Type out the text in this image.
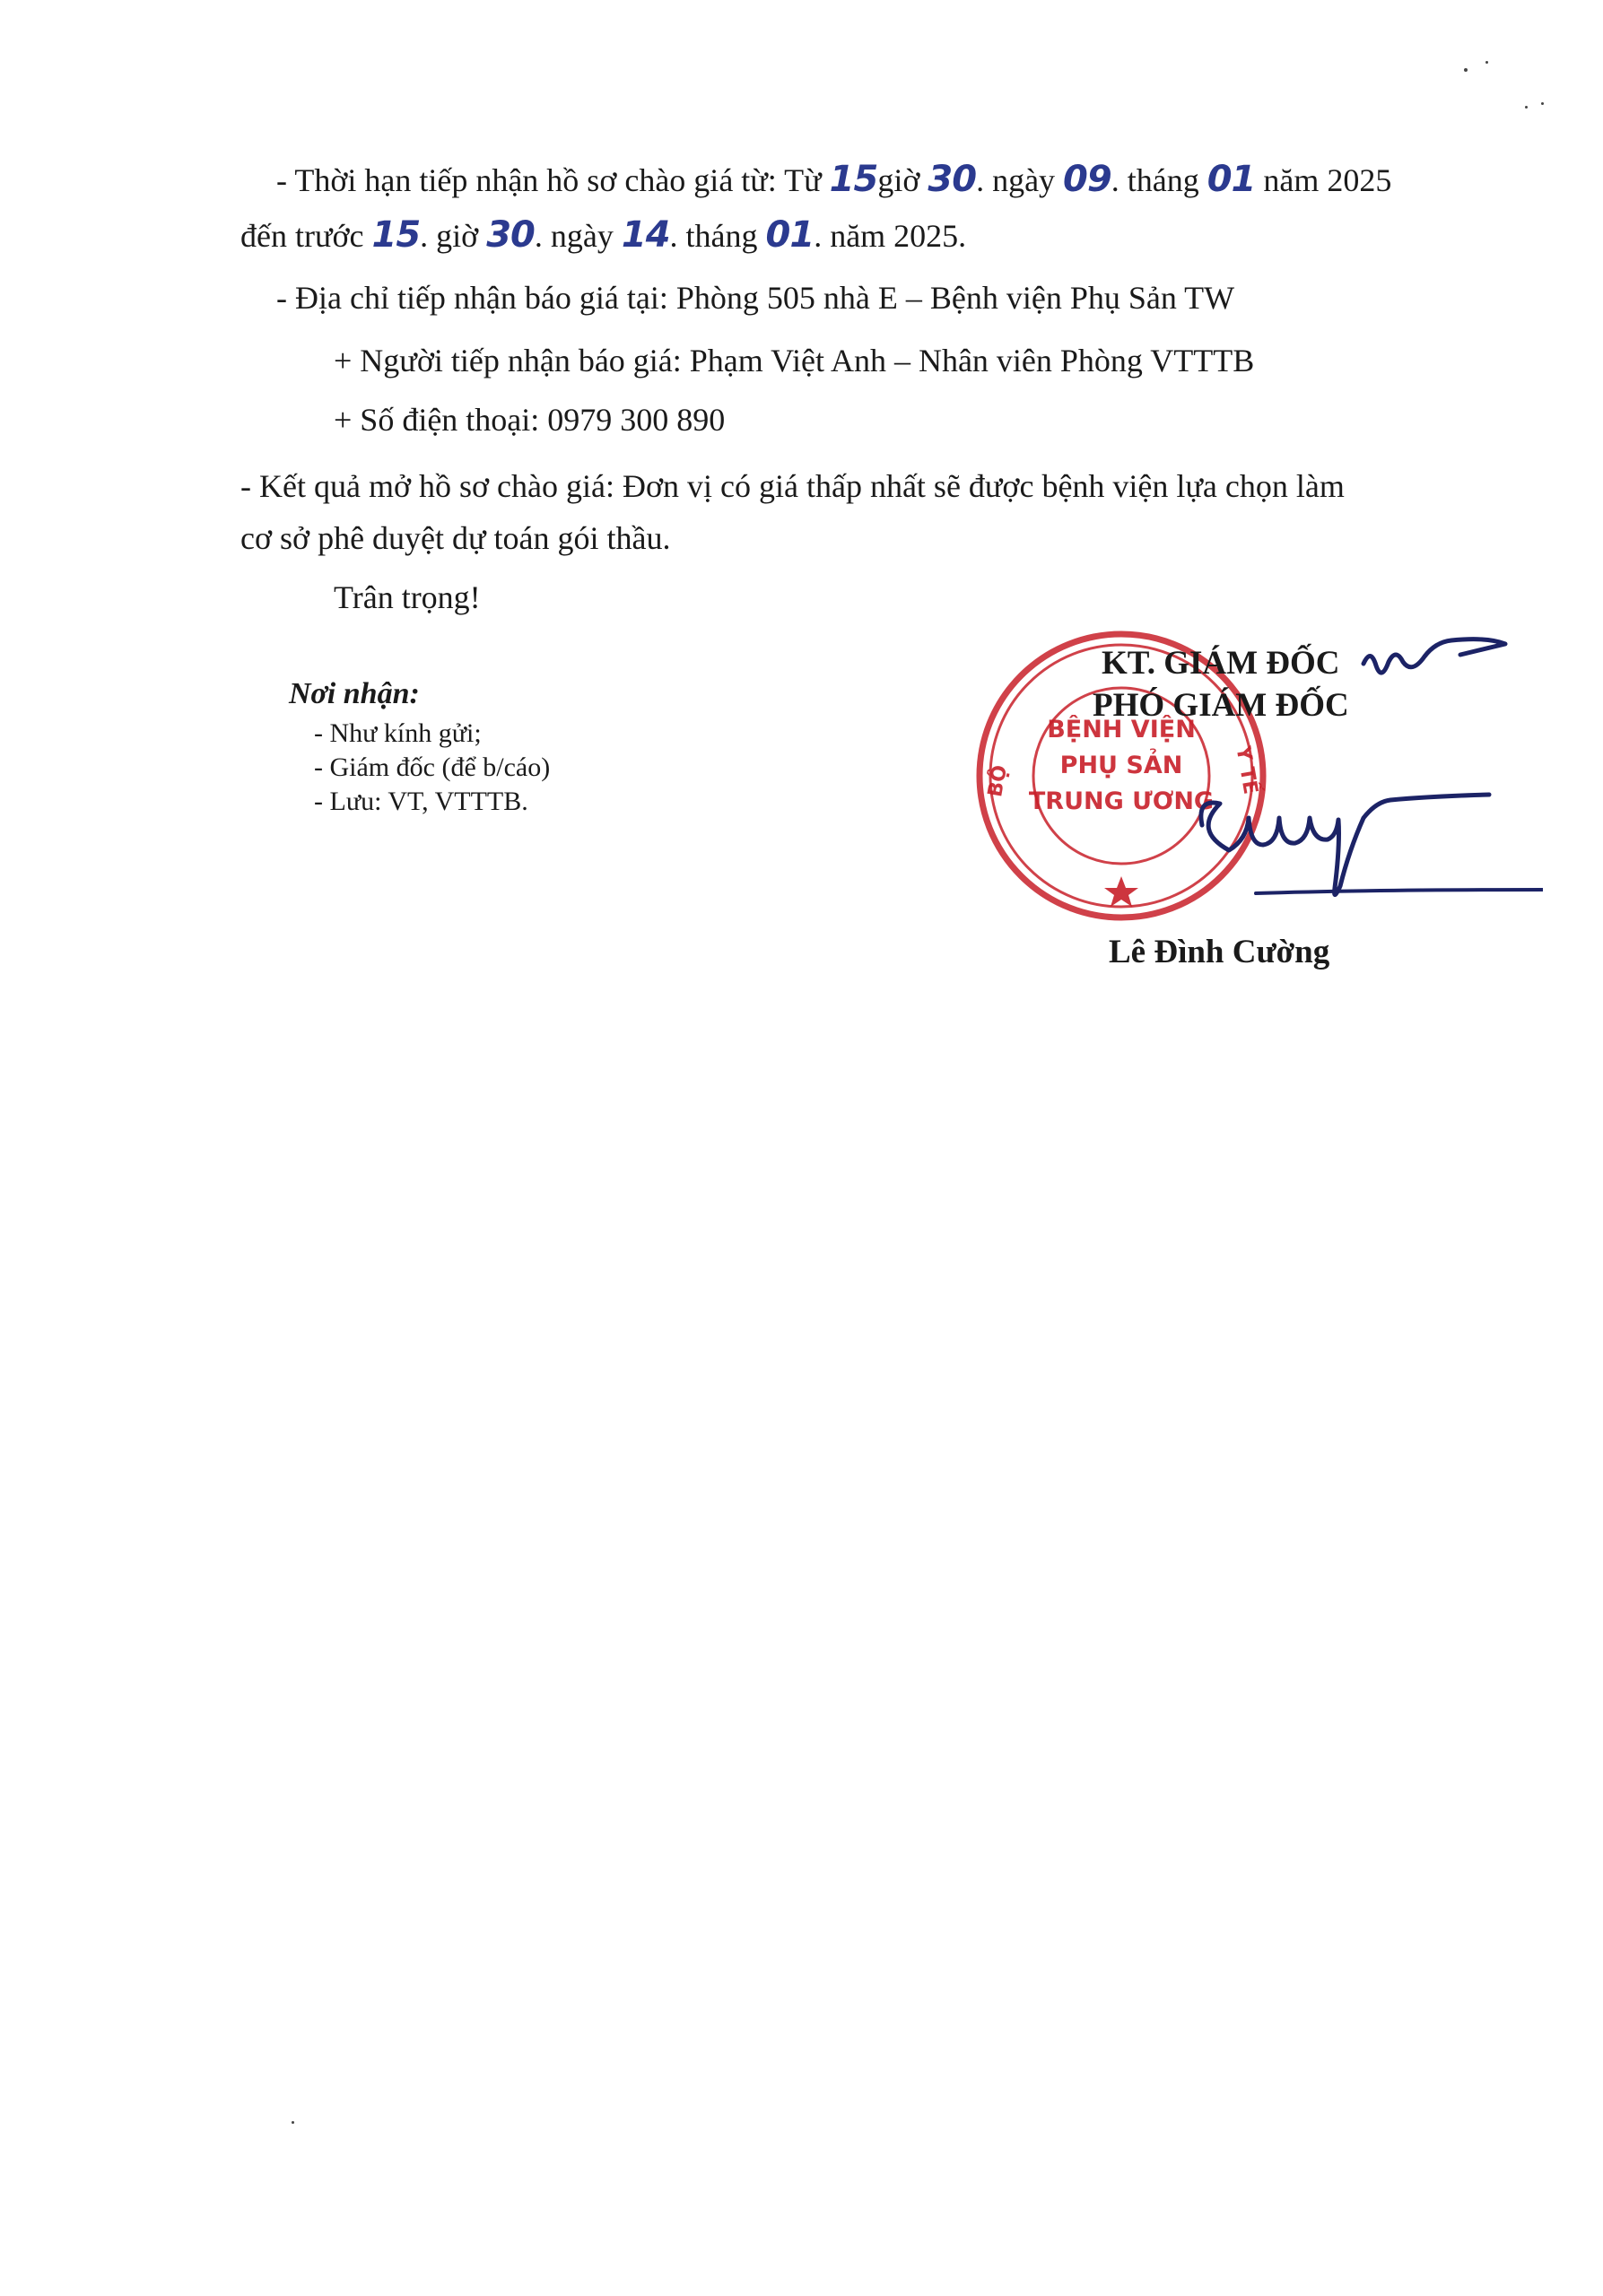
- Thời hạn tiếp nhận hồ sơ chào giá từ: Từ 15giờ 30. ngày 09. tháng 01 năm 2025
đến trước 15. giờ 30. ngày 14. tháng 01. năm 2025.
- Địa chỉ tiếp nhận báo giá tại: Phòng 505 nhà E – Bệnh viện Phụ Sản TW
+ Người tiếp nhận báo giá: Phạm Việt Anh – Nhân viên Phòng VTTTB
+ Số điện thoại: 0979 300 890
- Kết quả mở hồ sơ chào giá: Đơn vị có giá thấp nhất sẽ được bệnh viện lựa chọn làm
cơ sở phê duyệt dự toán gói thầu.
Trân trọng!
Nơi nhận:
- Như kính gửi;
- Giám đốc (để b/cáo)
- Lưu: VT, VTTTB.
BỆNH VIỆN
PHỤ SẢN
TRUNG ƯƠNG
BỘ	Y TẾ
KT. GIÁM ĐỐC
PHÓ GIÁM ĐỐC
Lê Đình Cường
